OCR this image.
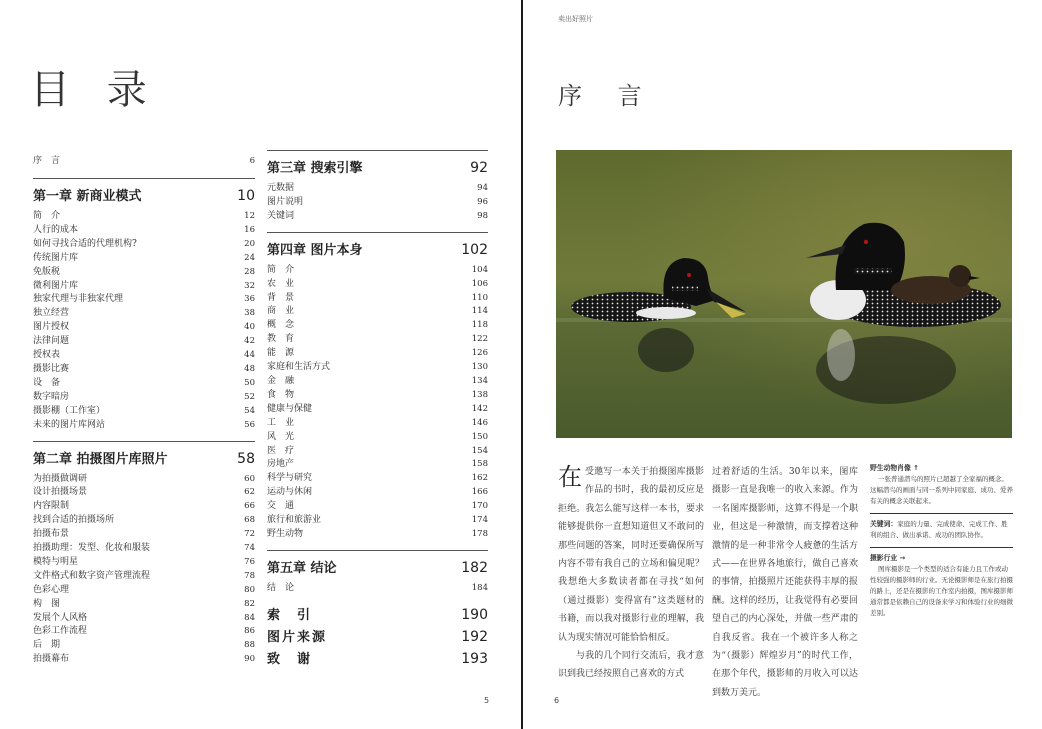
目 录
序　言	6
第一章 新商业模式	10
简　介	12
人行的成本	16
如何寻找合适的代理机构?	20
传统图片库	24
免版税	28
微利图片库	32
独家代理与非独家代理	36
独立经营	38
图片授权	40
法律问题	42
授权表	44
摄影比赛	48
设　备	50
数字暗房	52
摄影棚（工作室）	54
未来的图片库网站	56
第二章 拍摄图片库照片	58
为拍摄做调研	60
设计拍摄场景	62
内容限制	66
找到合适的拍摄场所	68
拍摄布景	72
拍摄助理：发型、化妆和服装	74
模特与明星	76
文件格式和数字资产管理流程	78
色彩心理	80
构　图	82
发展个人风格	84
色彩工作流程	86
后　期	88
拍摄幕布	90
第三章 搜索引擎	92
元数据	94
图片说明	96
关键词	98
第四章 图片本身	102
简　介	104
农　业	106
背　景	110
商　业	114
概　念	118
教　育	122
能　源	126
家庭和生活方式	130
金　融	134
食　物	138
健康与保健	142
工　业	146
风　光	150
医　疗	154
房地产	158
科学与研究	162
运动与休闲	166
交　通	170
旅行和旅游业	174
野生动物	178
第五章 结论	182
结　论	184
索　引	190
图片来源	192
致　谢	193
5
卖出好照片
序 言

在受邀写一本关于拍摄图库摄影作品的书时，我的最初反应是拒绝。我怎么能写这样一本书，要求能够提供你一直想知道但又不敢问的那些问题的答案，同时还要确保所写内容不带有我自己的立场和偏见呢？我想绝大多数读者都在寻找“如何（通过摄影）变得富有”这类题材的书籍，而以我对摄影行业的理解，我认为现实情况可能恰恰相反。

与我的几个同行交流后，我才意识到我已经按照自己喜欢的方式

过着舒适的生活。30年以来，图库摄影一直是我唯一的收入来源。作为一名图库摄影师，这算不得是一个职业，但这是一种激情，而支撑着这种激情的是一种非常令人疲惫的生活方式——在世界各地旅行，做自己喜欢的事情，拍摄照片还能获得丰厚的报酬。这样的经历，让我觉得有必要回望自己的内心深处，并做一些严肃的自我反省。我在一个被许多人称之为“（摄影）辉煌岁月”的时代工作，在那个年代，摄影师的月收入可以达到数万美元。

野生动物肖像 ↑
一张普通潜鸟的照片已超越了全家福的概念。这幅潜鸟的画面与同一系列中同家庭、成功、爱养有关的概念关联起来。
关键词：家庭的力量、完成使命、完成工作、胜利的组合、做出承诺、成功的团队协作。
摄影行业 →
图库摄影是一个类型的适合有能力且工作或动性较强的摄影师的行业。无论摄影师是在旅行拍摄的路上，还是在摄影的工作室内拍摄，图库摄影师通常都是依赖自己的设备来学习和体验行业的细微差别。
6
